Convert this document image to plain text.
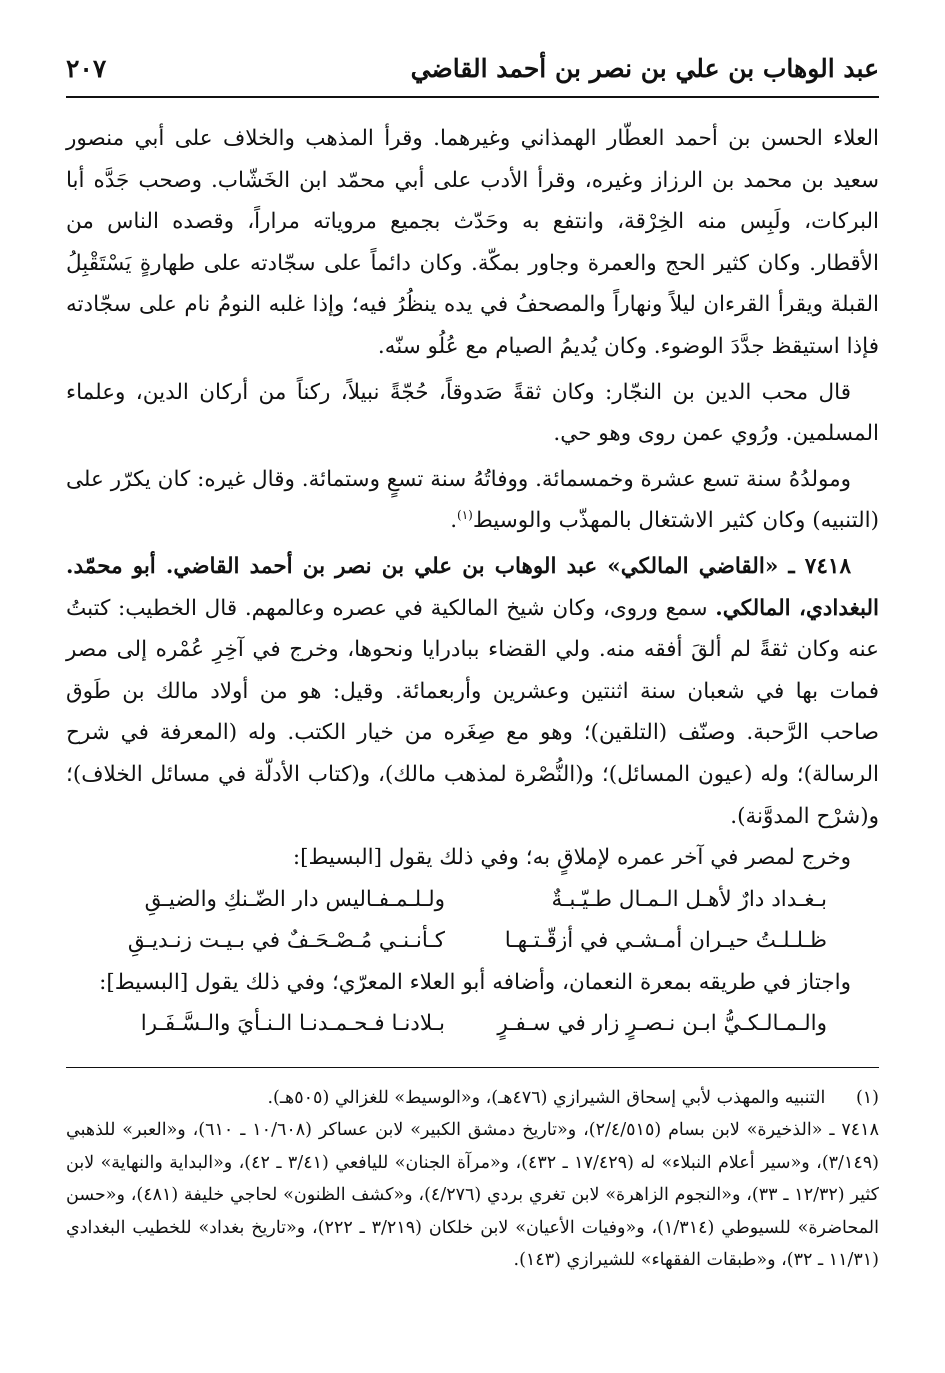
عبد الوهاب بن علي بن نصر بن أحمد القاضي
٢٠٧

العلاء الحسن بن أحمد العطّار الهمذاني وغيرهما. وقرأ المذهب والخلاف على أبي منصور سعيد بن محمد بن الرزاز وغيره، وقرأ الأدب على أبي محمّد ابن الخَشّاب. وصحب جَدَّه أبا البركات، ولَبِس منه الخِرْقة، وانتفع به وحَدّث بجميع مروياته مراراً، وقصده الناس من الأقطار. وكان كثير الحج والعمرة وجاور بمكّة. وكان دائماً على سجّادته على طهارةٍ يَسْتَقْبِلُ القبلة ويقرأ القرءان ليلاً ونهاراً والمصحفُ في يده ينظُرُ فيه؛ وإذا غلبه النومُ نام على سجّادته فإذا استيقظ جدَّدَ الوضوء. وكان يُديمُ الصيام مع عُلُو سنّه.

قال محب الدين بن النجّار: وكان ثقةً صَدوقاً، حُجّةً نبيلاً، ركناً من أركان الدين، وعلماء المسلمين. ورُوي عمن روى وهو حي.

ومولدُهُ سنة تسع عشرة وخمسمائة. ووفاتُهُ سنة تسعٍ وستمائة. وقال غيره: كان يكرّر على (التنبيه) وكان كثير الاشتغال بالمهذّب والوسيط$^{(١)}$.

٧٤١٨ ـ «القاضي المالكي» عبد الوهاب بن علي بن نصر بن أحمد القاضي. أبو محمّد. البغدادي، المالكي. سمع وروى، وكان شيخ المالكية في عصره وعالمهم. قال الخطيب: كتبتُ عنه وكان ثقةً لم ألقَ أفقه منه. ولي القضاء ببادرايا ونحوها، وخرج في آخِرِ عُمْره إلى مصر فمات بها في شعبان سنة اثنتين وعشرين وأربعمائة. وقيل: هو من أولاد مالك بن طَوق صاحب الرَّحبة. وصنّف (التلقين)؛ وهو مع صِغَره من خيار الكتب. وله (المعرفة في شرح الرسالة)؛ وله (عيون المسائل)؛ و(النُّصْرة لمذهب مالك)، و(كتاب الأدلّة في مسائل الخلاف)؛ و(شرْح المدوَّنة).

وخرج لمصر في آخر عمره لإملاقٍ به؛ وفي ذلك يقول [البسيط]:

بـغـداد دارٌ لأهـل الـمـال طـيّـبـةٌ
ولـلـمـفـاليس دار الضّـنكِ والضيـقِ
ظـلـلـتُ حيـران أمـشـي في أزقّـتـهـا
كـأنـنـي مُـصْـحَـفٌ في بـيـت زنـديـقِ

واجتاز في طريقه بمعرة النعمان، وأضافه أبو العلاء المعرّي؛ وفي ذلك يقول [البسيط]:

والـمـالـكـيُّ ابـن نـصـرٍ زار في سـفـرٍ
بـلادنـا فـحـمـدنـا الـنـأيَ والـسَّـفَـرا

(١) التنبيه والمهذب لأبي إسحاق الشيرازي (٤٧٦هـ)، و«الوسيط» للغزالي (٥٠٥هـ).

٧٤١٨ ـ «الذخيرة» لابن بسام (٢/٤/٥١٥)، و«تاريخ دمشق الكبير» لابن عساكر (١٠/٦٠٨ ـ ٦١٠)، و«العبر» للذهبي (٣/١٤٩)، و«سير أعلام النبلاء» له (١٧/٤٢٩ ـ ٤٣٢)، و«مرآة الجنان» لليافعي (٣/٤١ ـ ٤٢)، و«البداية والنهاية» لابن كثير (١٢/٣٢ ـ ٣٣)، و«النجوم الزاهرة» لابن تغري بردي (٤/٢٧٦)، و«كشف الظنون» لحاجي خليفة (٤٨١)، و«حسن المحاضرة» للسيوطي (١/٣١٤)، و«وفيات الأعيان» لابن خلكان (٣/٢١٩ ـ ٢٢٢)، و«تاريخ بغداد» للخطيب البغدادي (١١/٣١ ـ ٣٢)، و«طبقات الفقهاء» للشيرازي (١٤٣).
